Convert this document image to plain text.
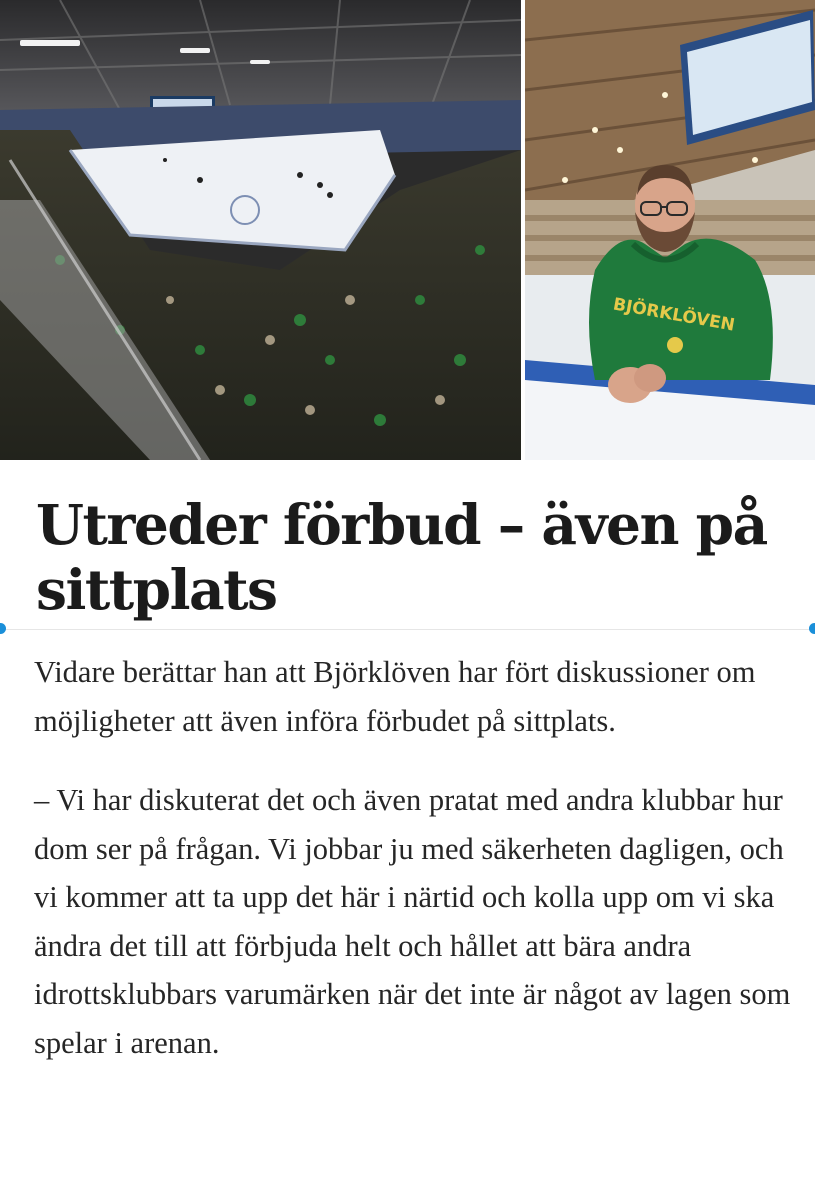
BJÖRKLÖVEN
Utreder förbud – även på sittplats

Vidare berättar han att Björklöven har fört diskussioner om möjligheter att även införa förbudet på sittplats.

– Vi har diskuterat det och även pratat med andra klubbar hur dom ser på frågan. Vi jobbar ju med säkerheten dagligen, och vi kommer att ta upp det här i närtid och kolla upp om vi ska ändra det till att förbjuda helt och hållet att bära andra idrottsklubbars varumärken när det inte är något av lagen som spelar i arenan.
